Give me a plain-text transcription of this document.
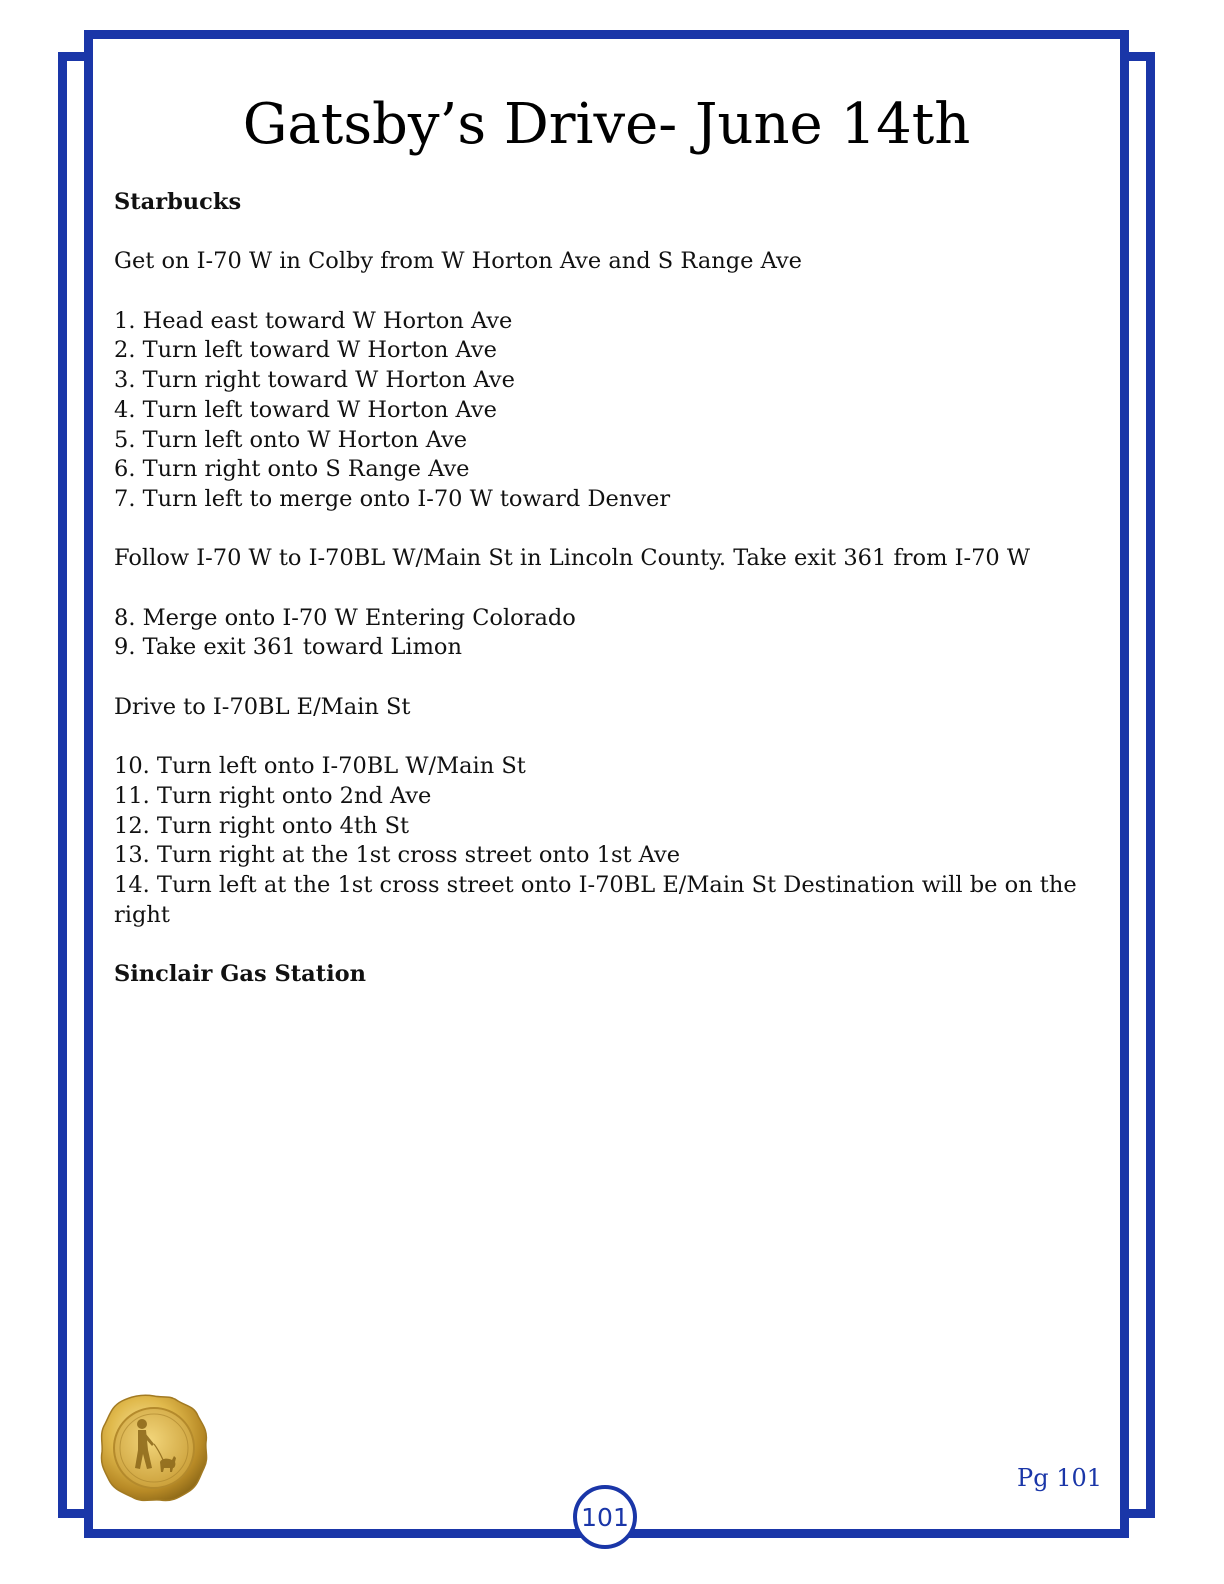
Gatsby’s Drive- June 14th

Starbucks

Get on I-70 W in Colby from W Horton Ave and S Range Ave

1. Head east toward W Horton Ave
2. Turn left toward W Horton Ave
3. Turn right toward W Horton Ave
4. Turn left toward W Horton Ave
5. Turn left onto W Horton Ave
6. Turn right onto S Range Ave
7. Turn left to merge onto I-70 W toward Denver

Follow I-70 W to I-70BL W/Main St in Lincoln County. Take exit 361 from I-70 W

8. Merge onto I-70 W Entering Colorado
9. Take exit 361 toward Limon

Drive to I-70BL E/Main St

10. Turn left onto I-70BL W/Main St
11. Turn right onto 2nd Ave
12. Turn right onto 4th St
13. Turn right at the 1st cross street onto 1st Ave
14. Turn left at the 1st cross street onto I-70BL E/Main St Destination will be on the right

Sinclair Gas Station

Pg 101
101
